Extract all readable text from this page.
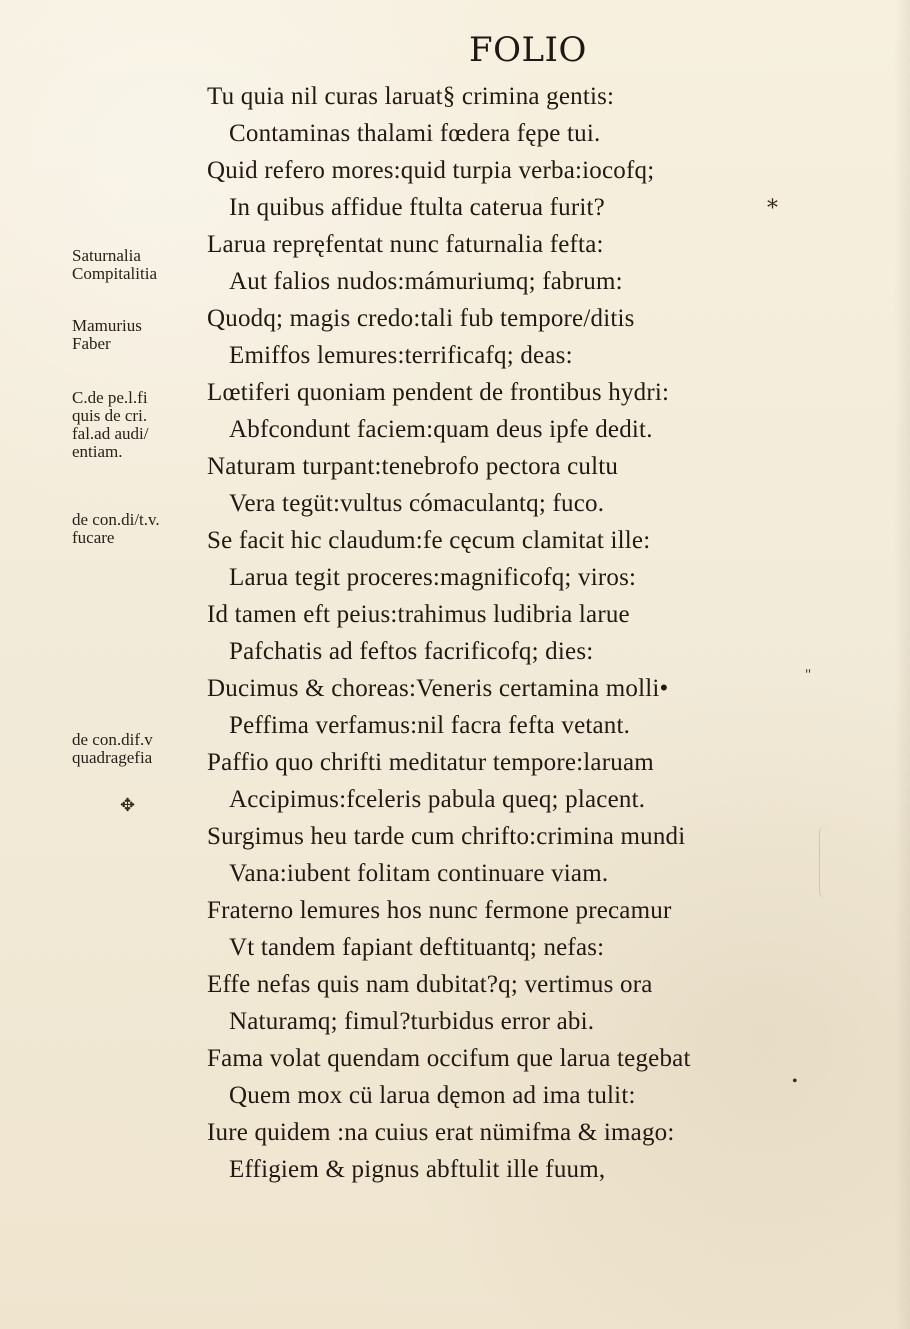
FOLIO
Saturnalia
Compitalitia
Mamurius
Faber
C.de pe.l.fi
quis de cri.
fal.ad audi/
entiam.
de con.di/t.v.
fucare
de con.dif.v
quadragefia
✥
⁎
•
"
Tu quia nil curas laruat§ crimina gentis:
Contaminas thalami fœdera fępe tui.
Quid refero mores:quid turpia verba:iocofq;
In quibus affidue ftulta caterua furit?
Larua repręfentat nunc faturnalia fefta:
Aut falios nudos:mámuriumq; fabrum:
Quodq; magis credo:tali fub tempore/ditis
Emiffos lemures:terrificafq; deas:
Lœtiferi quoniam pendent de frontibus hydri:
Abfcondunt faciem:quam deus ipfe dedit.
Naturam turpant:tenebrofo pectora cultu
Vera tegüt:vultus cómaculantq; fuco.
Se facit hic claudum:fe cęcum clamitat ille:
Larua tegit proceres:magnificofq; viros:
Id tamen eft peius:trahimus ludibria larue
Pafchatis ad feftos facrificofq; dies:
Ducimus & choreas:Veneris certamina molli•
Peffima verfamus:nil facra fefta vetant.
Paffio quo chrifti meditatur tempore:laruam
Accipimus:fceleris pabula queq; placent.
Surgimus heu tarde cum chrifto:crimina mundi
Vana:iubent folitam continuare viam.
Fraterno lemures hos nunc fermone precamur
Vt tandem fapiant deftituantq; nefas:
Effe nefas quis nam dubitat?q; vertimus ora
Naturamq; fimul?turbidus error abi.
Fama volat quendam occifum que larua tegebat
Quem mox cü larua dęmon ad ima tulit:
Iure quidem :na cuius erat nümifma & imago:
Effigiem & pignus abftulit ille fuum,
